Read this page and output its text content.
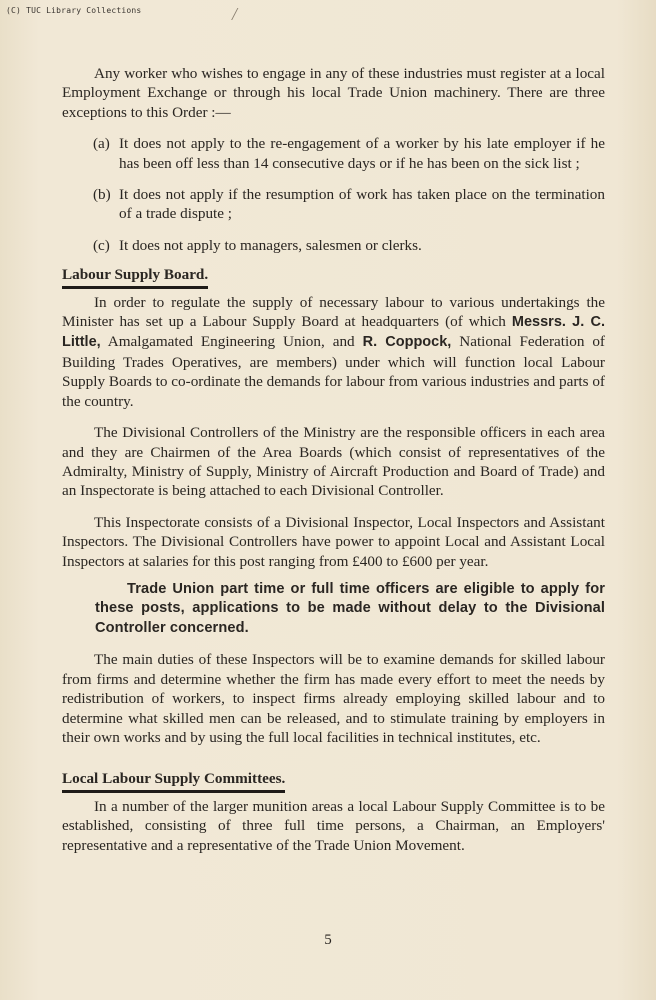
(C) TUC Library Collections	/

Any worker who wishes to engage in any of these industries must register at a local Employment Exchange or through his local Trade Union machinery. There are three exceptions to this Order :—

(a) It does not apply to the re-engagement of a worker by his late employer if he has been off less than 14 consecutive days or if he has been on the sick list ;
(b) It does not apply if the resumption of work has taken place on the termination of a trade dispute ;
(c) It does not apply to managers, salesmen or clerks.
Labour Supply Board.

In order to regulate the supply of necessary labour to various undertakings the Minister has set up a Labour Supply Board at headquarters (of which Messrs. J. C. Little, Amalgamated Engineering Union, and R. Coppock, National Federation of Building Trades Operatives, are members) under which will function local Labour Supply Boards to co-ordinate the demands for labour from various industries and parts of the country.

The Divisional Controllers of the Ministry are the responsible officers in each area and they are Chairmen of the Area Boards (which consist of representatives of the Admiralty, Ministry of Supply, Ministry of Aircraft Production and Board of Trade) and an Inspectorate is being attached to each Divisional Controller.

This Inspectorate consists of a Divisional Inspector, Local Inspectors and Assistant Inspectors. The Divisional Controllers have power to appoint Local and Assistant Local Inspectors at salaries for this post ranging from £400 to £600 per year.

Trade Union part time or full time officers are eligible to apply for these posts, applications to be made without delay to the Divisional Controller concerned.

The main duties of these Inspectors will be to examine demands for skilled labour from firms and determine whether the firm has made every effort to meet the needs by redistribution of workers, to inspect firms already employing skilled labour and to determine what skilled men can be released, and to stimulate training by employers in their own works and by using the full local facilities in technical institutes, etc.

Local Labour Supply Committees.

In a number of the larger munition areas a local Labour Supply Committee is to be established, consisting of three full time persons, a Chairman, an Employers' representative and a representative of the Trade Union Movement.

5
